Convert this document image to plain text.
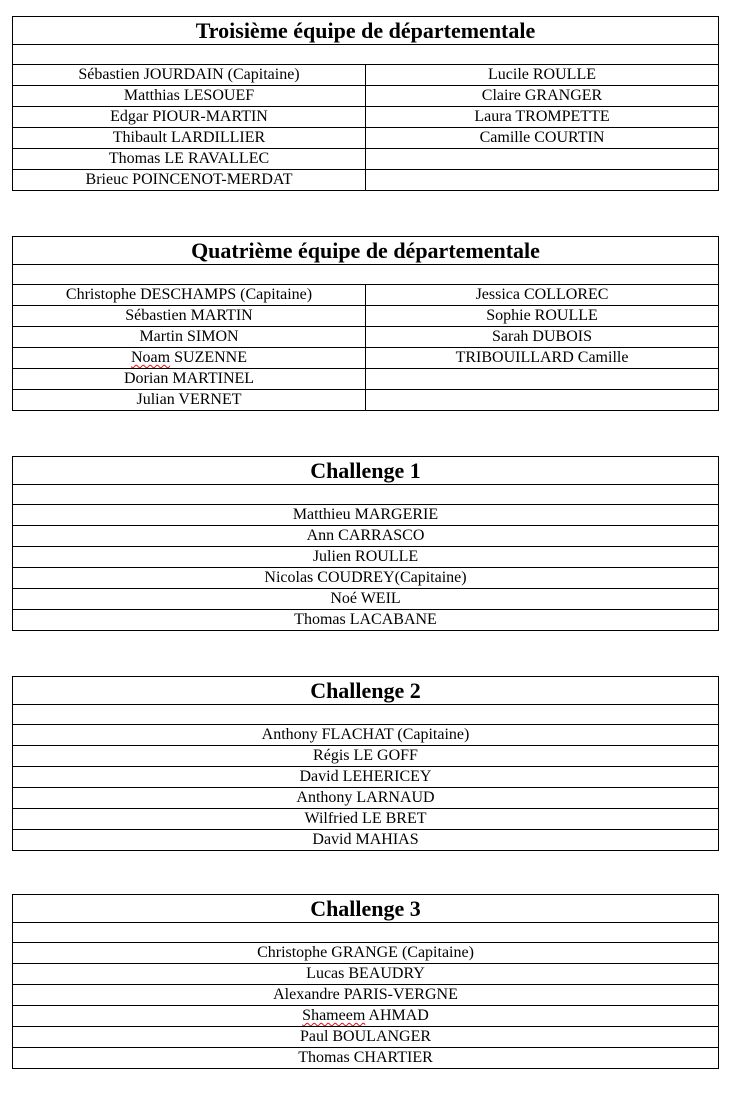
Troisième équipe de départementale	

Sébastien JOURDAIN (Capitaine)	Lucile ROULLE
Matthias LESOUEF	Claire GRANGER
Edgar PIOUR-MARTIN	Laura TROMPETTE
Thibault LARDILLIER	Camille COURTIN
Thomas LE RAVALLEC	
Brieuc POINCENOT-MERDAT	
Quatrième équipe de départementale	

Christophe DESCHAMPS (Capitaine)	Jessica COLLOREC
Sébastien MARTIN	Sophie ROULLE
Martin SIMON	Sarah DUBOIS
Noam SUZENNE	TRIBOUILLARD Camille
Dorian MARTINEL	
Julian VERNET	
Challenge 1

Matthieu MARGERIE
Ann CARRASCO
Julien ROULLE
Nicolas COUDREY(Capitaine)
Noé WEIL
Thomas LACABANE
Challenge 2

Anthony FLACHAT (Capitaine)
Régis LE GOFF
David LEHERICEY
Anthony LARNAUD
Wilfried LE BRET
David MAHIAS
Challenge 3

Christophe GRANGE (Capitaine)
Lucas BEAUDRY
Alexandre PARIS-VERGNE
Shameem AHMAD
Paul BOULANGER
Thomas CHARTIER
